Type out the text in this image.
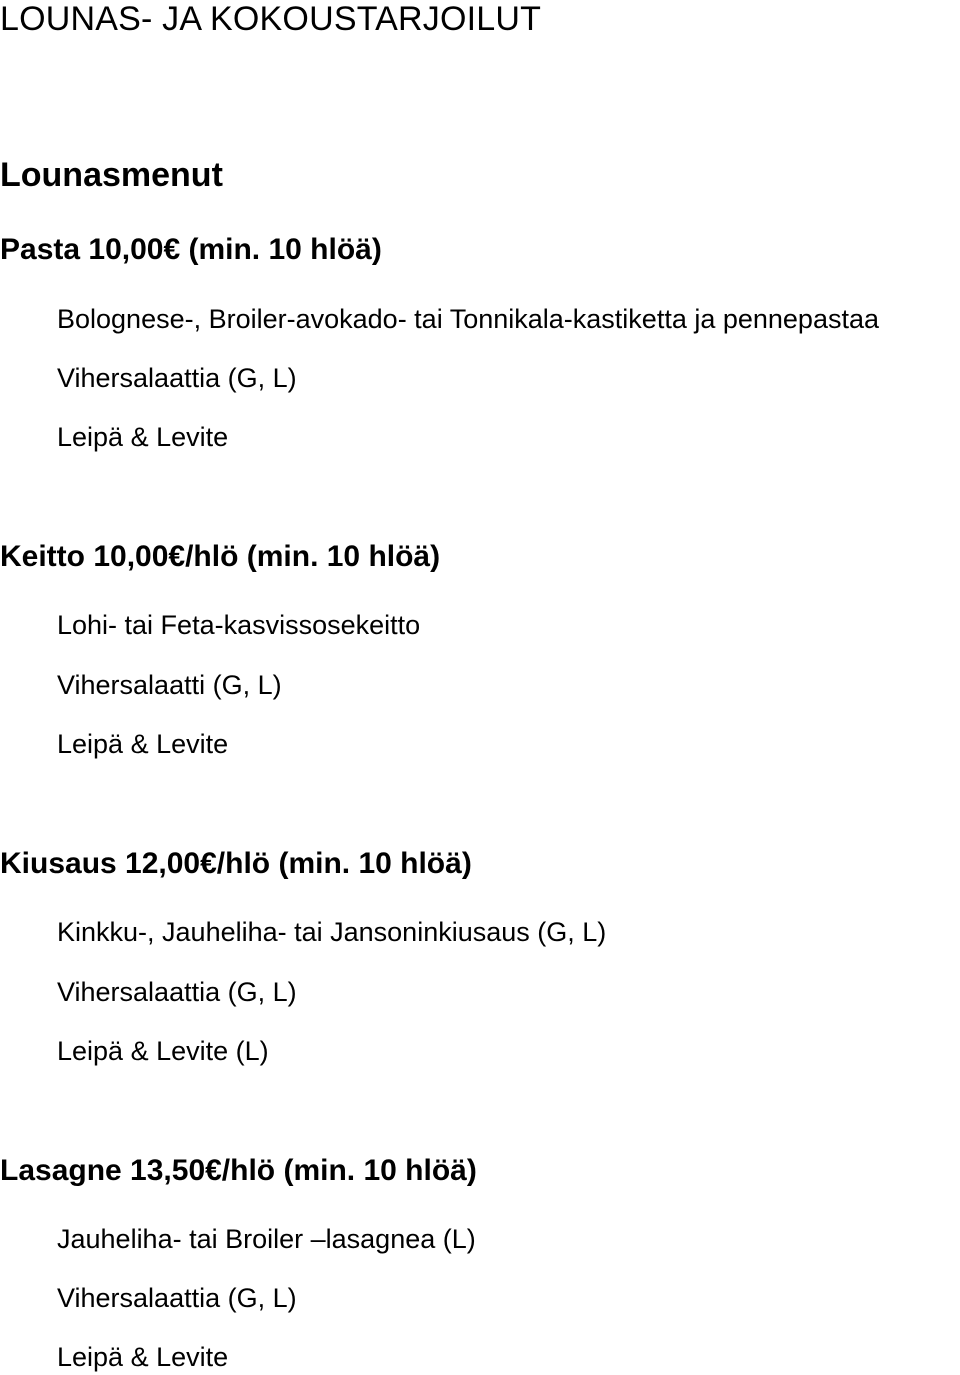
LOUNAS- JA KOKOUSTARJOILUT
Lounasmenut
Pasta 10,00€ (min. 10 hlöä)
Bolognese-, Broiler-avokado- tai Tonnikala-kastiketta ja pennepastaa
Vihersalaattia (G, L)
Leipä & Levite
Keitto 10,00€/hlö (min. 10 hlöä)
Lohi- tai Feta-kasvissosekeitto
Vihersalaatti (G, L)
Leipä & Levite
Kiusaus 12,00€/hlö (min. 10 hlöä)
Kinkku-, Jauheliha- tai Jansoninkiusaus (G, L)
Vihersalaattia (G, L)
Leipä & Levite (L)
Lasagne 13,50€/hlö (min. 10 hlöä)
Jauheliha- tai Broiler –lasagnea (L)
Vihersalaattia (G, L)
Leipä & Levite
